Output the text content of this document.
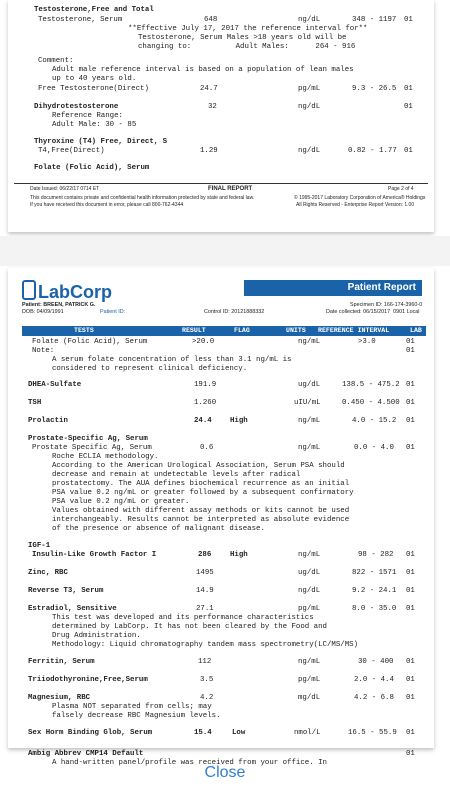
Testosterone,Free and Total
Testosterone, Serum	648	ng/dL	348 - 1197 01
**Effective July 17, 2017 the reference interval for**
Testosterone, Serum Males >18 years old will be
changing to:          Adult Males:      264 - 916
Comment:
Adult male reference interval is based on a population of lean males
up to 40 years old.
Free Testosterone(Direct)	24.7	pg/mL	9.3 - 26.5 01
Dihydrotestosterone	32	ng/dL	01
Reference Range:
Adult Male: 30 - 85
Thyroxine (T4) Free, Direct, S
T4,Free(Direct)	1.29	ng/dL	0.82 - 1.77 01
Folate (Folic Acid), Serum
Date Issued: 06/22/17 0714 ET	FINAL REPORT	Page 2 of 4
This document contains private and confidential health information protected by state and federal law.
If you have received this document in error, please call 800-762-4344
© 1995-2017 Laboratory Corporation of America® Holdings
All Rights Reserved - Enterprise Report Version: 1.00
LabCorp	Patient Report
Patient: BREEN, PATRICK G.
DOB: 04/09/1991	Patient ID:	Control ID: 20121888332
Specimen ID: 166-174-3960-0
Date collected: 06/15/2017  0901 Local
TESTS	RESULT	FLAG	UNITS REFERENCE INTERVAL	LAB
Folate (Folic Acid), Serum	>20.0	ng/mL	>3.0	01
Note:	01
A serum folate concentration of less than 3.1 ng/mL is
considered to represent clinical deficiency.
DHEA-Sulfate	191.9	ug/dL	138.5 - 475.2 01
TSH	1.260	uIU/mL	0.450 - 4.500 01
Prolactin	24.4 High	ng/mL	4.0 - 15.2 01
Prostate-Specific Ag, Serum
Prostate Specific Ag, Serum	0.6	ng/mL	0.0 - 4.0 01
Roche ECLIA methodology.
According to the American Urological Association, Serum PSA should
decrease and remain at undetectable levels after radical
prostatectomy. The AUA defines biochemical recurrence as an initial
PSA value 0.2 ng/mL or greater followed by a subsequent confirmatory
PSA value 0.2 ng/mL or greater.
Values obtained with different assay methods or kits cannot be used
interchangeably. Results cannot be interpreted as absolute evidence
of the presence or absence of malignant disease.
IGF-1
Insulin-Like Growth Factor I	286	High	ng/mL	98 - 282 01
Zinc, RBC	1495	ug/dL	822 - 1571 01
Reverse T3, Serum	14.9	ng/dL	9.2 - 24.1 01
Estradiol, Sensitive	27.1	pg/mL	8.0 - 35.0 01
This test was developed and its performance characteristics
determined by LabCorp. It has not been cleared by the Food and
Drug Administration.
Methodology: Liquid chromatography tandem mass spectrometry(LC/MS/MS)
Ferritin, Serum	112	ng/mL	30 - 400 01
Triiodothyronine,Free,Serum	3.5	pg/mL	2.0 - 4.4 01
Magnesium, RBC	4.2	mg/dL	4.2 - 6.8 01
Plasma NOT separated from cells; may
falsely decrease RBC Magnesium levels.
Sex Horm Binding Glob, Serum	15.4	Low	nmol/L	16.5 - 55.9 01
Ambig Abbrev CMP14 Default	01
A hand-written panel/profile was received from your office. In
Close
